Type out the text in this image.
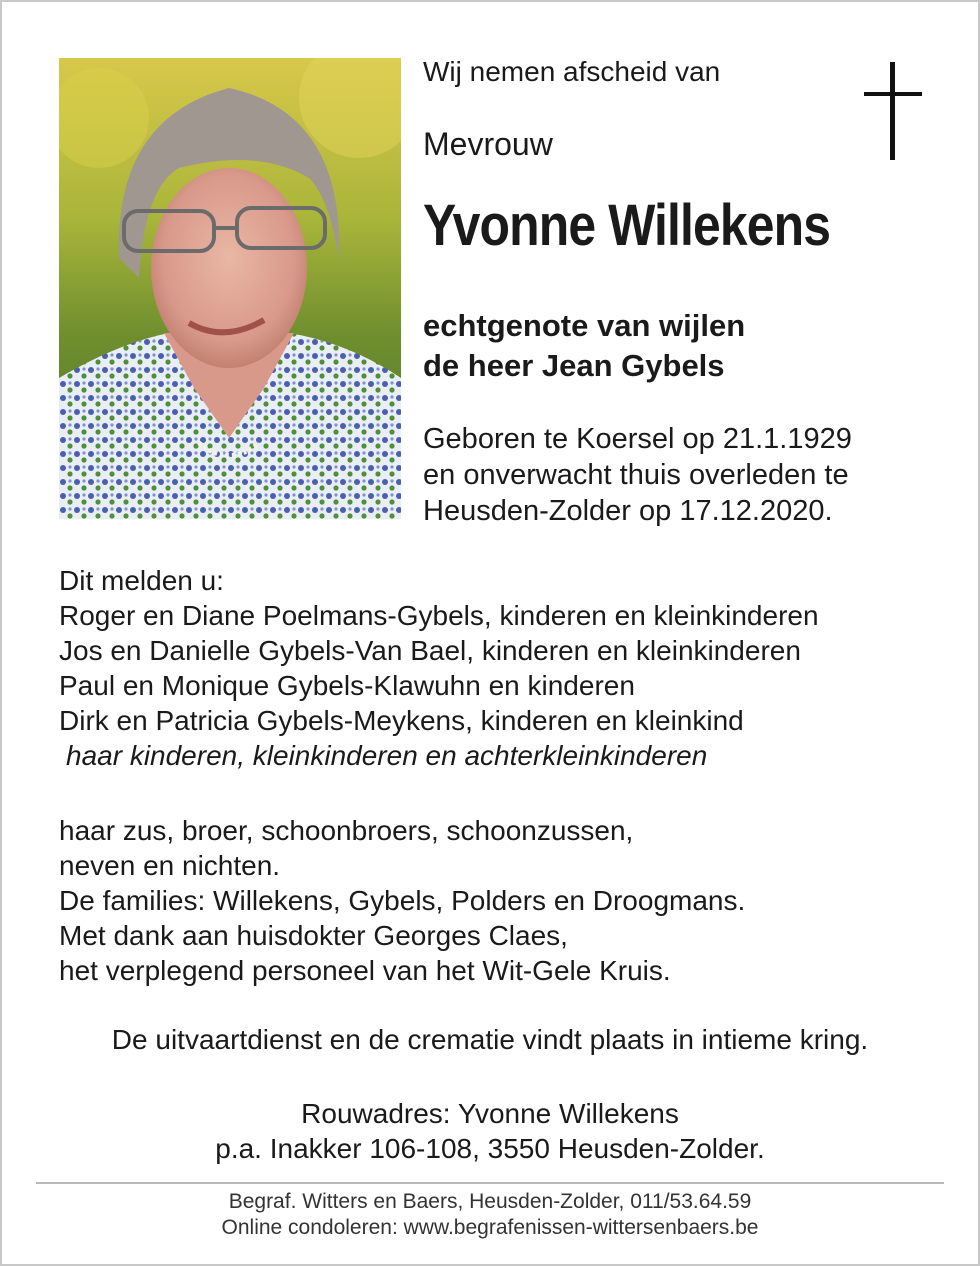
Wij nemen afscheid van
Mevrouw
Yvonne Willekens
echtgenote van wijlen
de heer Jean Gybels
Geboren te Koersel op 21.1.1929
en onverwacht thuis overleden te
Heusden-Zolder op 17.12.2020.
Dit melden u:
Roger en Diane Poelmans-Gybels, kinderen en kleinkinderen
Jos en Danielle Gybels-Van Bael, kinderen en kleinkinderen
Paul en Monique Gybels-Klawuhn en kinderen
Dirk en Patricia Gybels-Meykens, kinderen en kleinkind
haar kinderen, kleinkinderen en achterkleinkinderen
haar zus, broer, schoonbroers, schoonzussen,
neven en nichten.
De families: Willekens, Gybels, Polders en Droogmans.
Met dank aan huisdokter Georges Claes,
het verplegend personeel van het Wit-Gele Kruis.
De uitvaartdienst en de crematie vindt plaats in intieme kring.
Rouwadres: Yvonne Willekens
p.a. Inakker 106-108, 3550 Heusden-Zolder.
Begraf. Witters en Baers, Heusden-Zolder, 011/53.64.59
Online condoleren: www.begrafenissen-wittersenbaers.be
